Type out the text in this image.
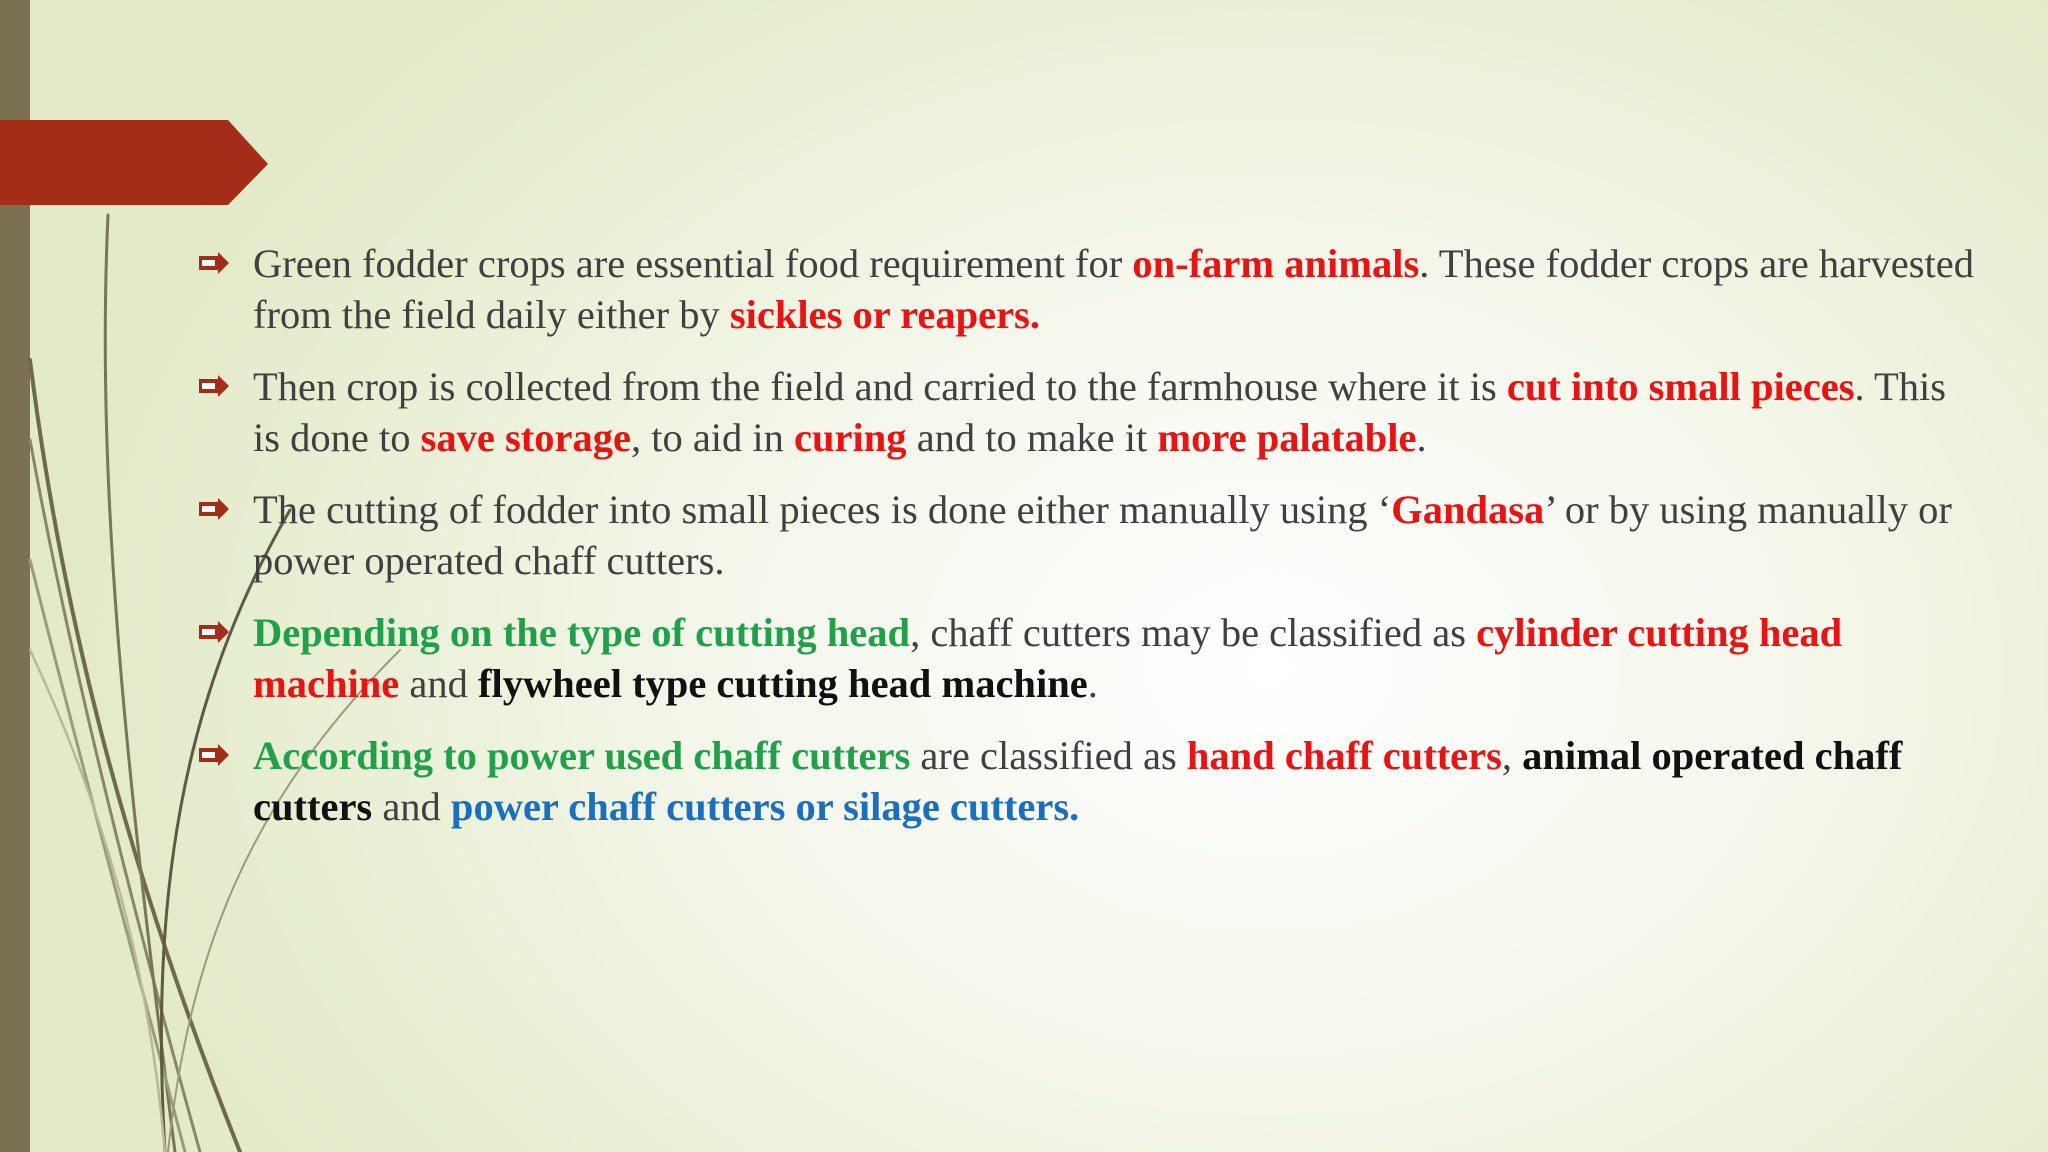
Green fodder crops are essential food requirement for on-farm animals. These fodder crops are harvested from the field daily either by sickles or reapers.
Then crop is collected from the field and carried to the farmhouse where it is cut into small pieces. This is done to save storage, to aid in curing and to make it more palatable.
The cutting of fodder into small pieces is done either manually using ‘Gandasa’ or by using manually or power operated chaff cutters.
Depending on the type of cutting head, chaff cutters may be classified as cylinder cutting head machine and flywheel type cutting head machine.
According to power used chaff cutters are classified as hand chaff cutters, animal operated chaff cutters and power chaff cutters or silage cutters.
